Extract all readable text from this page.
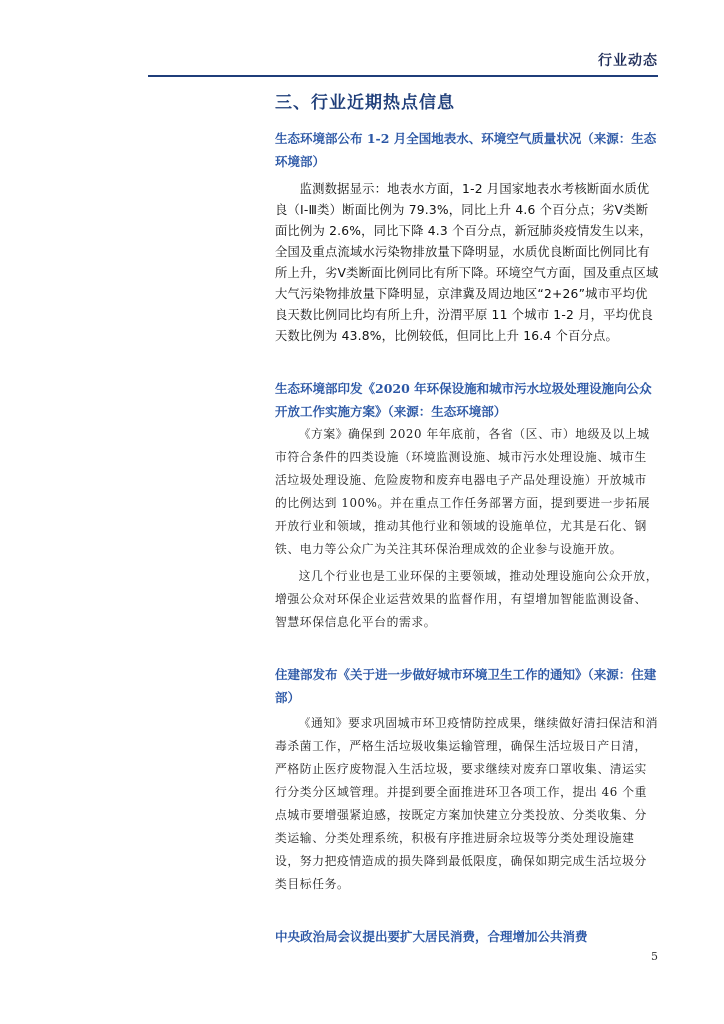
行业动态
三、行业近期热点信息

生态环境部公布 1-2 月全国地表水、环境空气质量状况（来源：生态环境部）

监测数据显示：地表水方面，1-2 月国家地表水考核断面水质优良（Ⅰ-Ⅲ类）断面比例为 79.3%，同比上升 4.6 个百分点；劣Ⅴ类断面比例为 2.6%，同比下降 4.3 个百分点，新冠肺炎疫情发生以来，全国及重点流域水污染物排放量下降明显，水质优良断面比例同比有所上升，劣Ⅴ类断面比例同比有所下降。环境空气方面，国及重点区域大气污染物排放量下降明显，京津冀及周边地区“2+26”城市平均优良天数比例同比均有所上升，汾渭平原 11 个城市 1-2 月，平均优良天数比例为 43.8%，比例较低，但同比上升 16.4 个百分点。

生态环境部印发《2020 年环保设施和城市污水垃圾处理设施向公众开放工作实施方案》（来源：生态环境部）

《方案》确保到 2020 年年底前，各省（区、市）地级及以上城市符合条件的四类设施（环境监测设施、城市污水处理设施、城市生活垃圾处理设施、危险废物和废弃电器电子产品处理设施）开放城市的比例达到 100%。并在重点工作任务部署方面，提到要进一步拓展开放行业和领域，推动其他行业和领域的设施单位，尤其是石化、钢铁、电力等公众广为关注其环保治理成效的企业参与设施开放。

这几个行业也是工业环保的主要领域，推动处理设施向公众开放，增强公众对环保企业运营效果的监督作用，有望增加智能监测设备、智慧环保信息化平台的需求。

住建部发布《关于进一步做好城市环境卫生工作的通知》（来源：住建部）

《通知》要求巩固城市环卫疫情防控成果，继续做好清扫保洁和消毒杀菌工作，严格生活垃圾收集运输管理，确保生活垃圾日产日清，严格防止医疗废物混入生活垃圾，要求继续对废弃口罩收集、清运实行分类分区域管理。并提到要全面推进环卫各项工作，提出 46 个重点城市要增强紧迫感，按既定方案加快建立分类投放、分类收集、分类运输、分类处理系统，积极有序推进厨余垃圾等分类处理设施建设，努力把疫情造成的损失降到最低限度，确保如期完成生活垃圾分类目标任务。

中央政治局会议提出要扩大居民消费，合理增加公共消费

5
